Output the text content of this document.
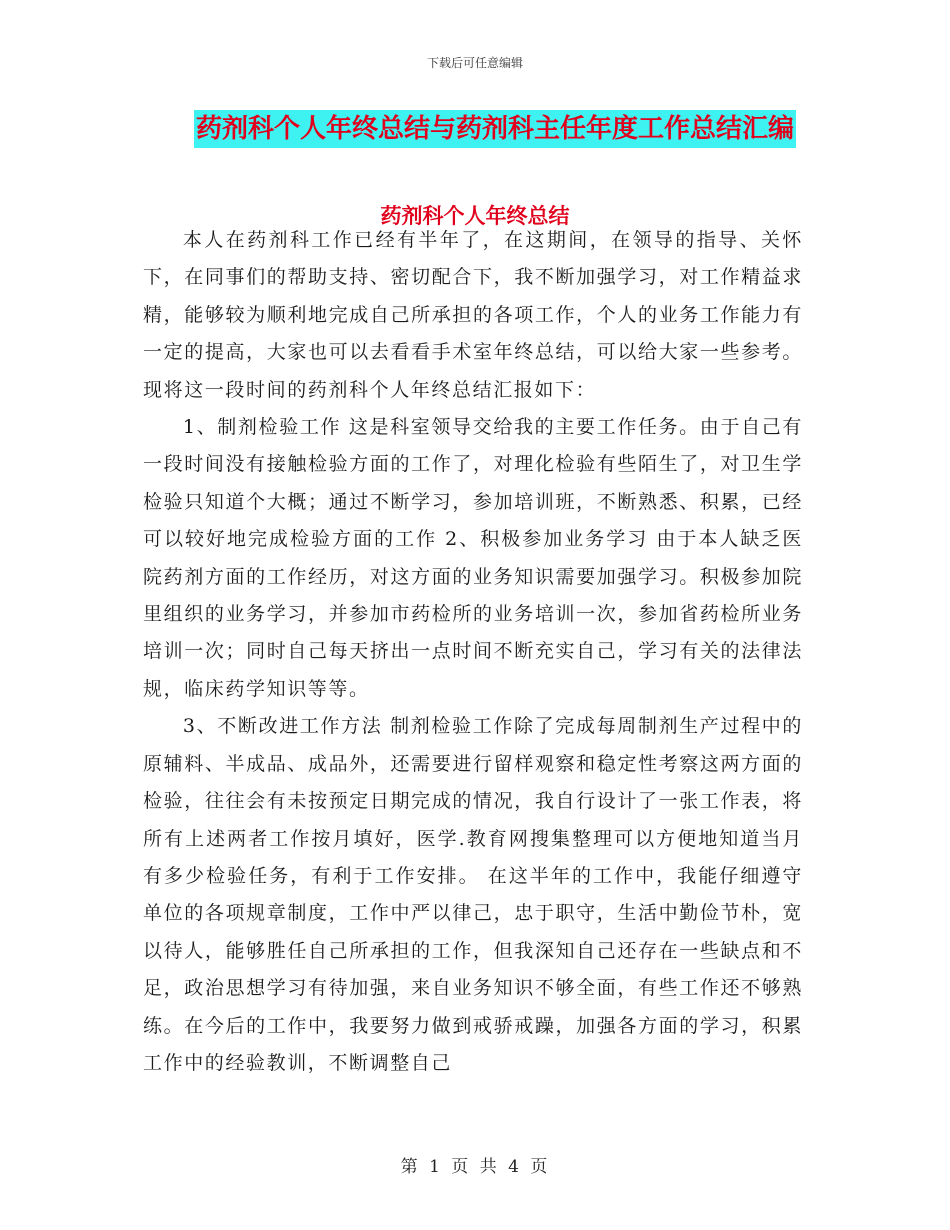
下载后可任意编辑
药剂科个人年终总结与药剂科主任年度工作总结汇编
药剂科个人年终总结

本人在药剂科工作已经有半年了，在这期间，在领导的指导、关怀下，在同事们的帮助支持、密切配合下，我不断加强学习，对工作精益求精，能够较为顺利地完成自己所承担的各项工作，个人的业务工作能力有一定的提高，大家也可以去看看手术室年终总结，可以给大家一些参考。现将这一段时间的药剂科个人年终总结汇报如下：

1、制剂检验工作 这是科室领导交给我的主要工作任务。由于自己有一段时间没有接触检验方面的工作了，对理化检验有些陌生了，对卫生学检验只知道个大概；通过不断学习，参加培训班，不断熟悉、积累，已经可以较好地完成检验方面的工作 2、积极参加业务学习 由于本人缺乏医院药剂方面的工作经历，对这方面的业务知识需要加强学习。积极参加院里组织的业务学习，并参加市药检所的业务培训一次，参加省药检所业务培训一次；同时自己每天挤出一点时间不断充实自己，学习有关的法律法规，临床药学知识等等。

3、不断改进工作方法 制剂检验工作除了完成每周制剂生产过程中的原辅料、半成品、成品外，还需要进行留样观察和稳定性考察这两方面的检验，往往会有未按预定日期完成的情况，我自行设计了一张工作表，将所有上述两者工作按月填好，医学.教育网搜集整理可以方便地知道当月有多少检验任务，有利于工作安排。 在这半年的工作中，我能仔细遵守单位的各项规章制度，工作中严以律己，忠于职守，生活中勤俭节朴，宽以待人，能够胜任自己所承担的工作，但我深知自己还存在一些缺点和不足，政治思想学习有待加强，来自业务知识不够全面，有些工作还不够熟练。在今后的工作中，我要努力做到戒骄戒躁，加强各方面的学习，积累工作中的经验教训，不断调整自己

第 1 页 共 4 页
